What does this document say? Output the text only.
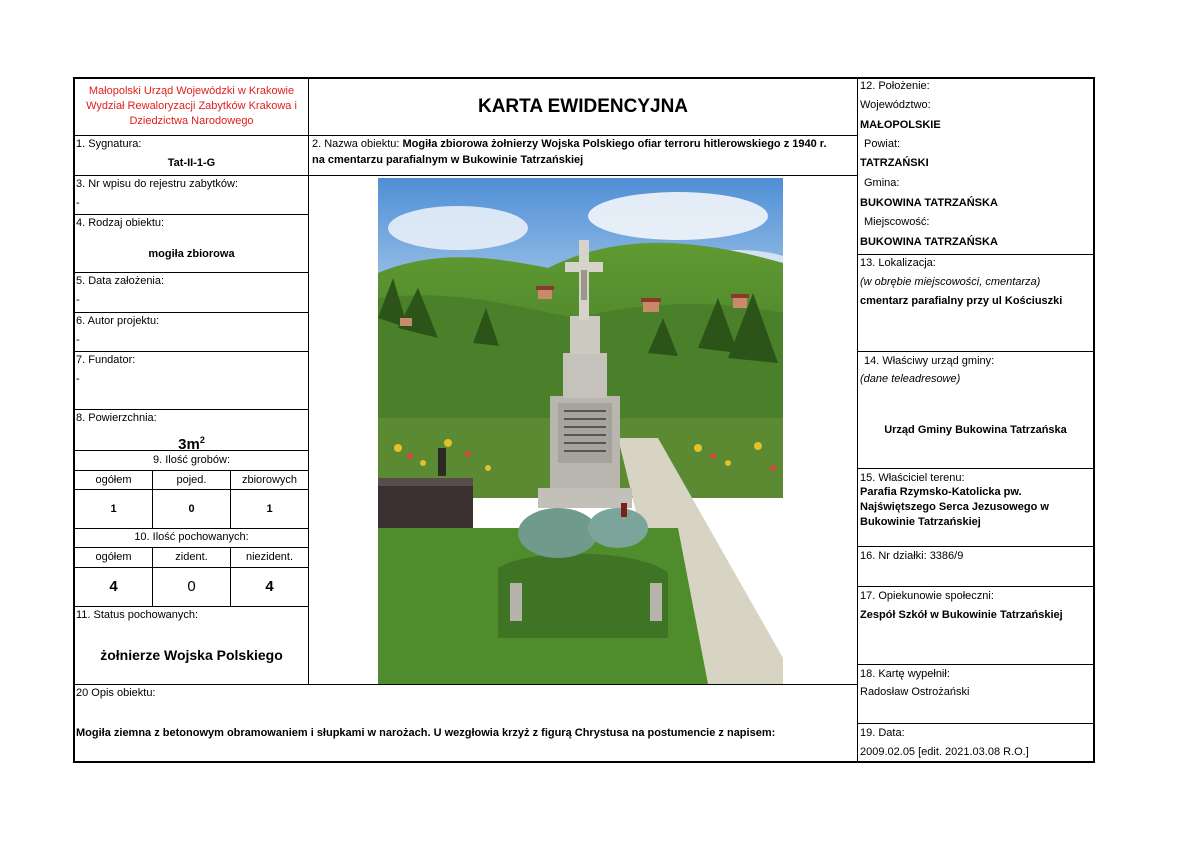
Małopolski Urząd Wojewódzki w Krakowie
Wydział Rewaloryzacji Zabytków Krakowa i
Dziedzictwa Narodowego
KARTA EWIDENCYJNA
1. Sygnatura:
Tat-II-1-G
3. Nr wpisu do rejestru zabytków:
-
4. Rodzaj obiektu:
mogiła zbiorowa
5. Data założenia:
-
6. Autor projektu:
-
7. Fundator:
-
8. Powierzchnia:
$3m^2$
9. Ilość grobów:
ogółem	pojed.	zbiorowych
1	0	1
10. Ilość pochowanych:
ogółem	zident.	niezident.
4	0	4
11. Status pochowanych:
żołnierze Wojska Polskiego
2. Nazwa obiektu: Mogiła zbiorowa żołnierzy Wojska Polskiego ofiar terroru hitlerowskiego z 1940 r.
na cmentarzu parafialnym w Bukowinie Tatrzańskiej
12. Położenie:
Województwo:
MAŁOPOLSKIE
Powiat:
TATRZAŃSKI
Gmina:
BUKOWINA TATRZAŃSKA
Miejscowość:
BUKOWINA TATRZAŃSKA
13. Lokalizacja:
(w obrębie miejscowości, cmentarza)
cmentarz parafialny przy ul Kościuszki
14. Właściwy urząd gminy:
(dane teleadresowe)
Urząd Gminy Bukowina Tatrzańska
15. Właściciel terenu:
Parafia Rzymsko-Katolicka pw.
Najświętszego Serca Jezusowego w
Bukowinie Tatrzańskiej
16. Nr działki: 3386/9
17. Opiekunowie społeczni:
Zespół Szkół w Bukowinie Tatrzańskiej
18. Kartę wypełnił:
Radosław Ostrożański
19. Data:
2009.02.05 [edit. 2021.03.08 R.O.]
20 Opis obiektu:
Mogiła ziemna z betonowym obramowaniem i słupkami w narożach. U wezgłowia krzyż z figurą Chrystusa na postumencie z napisem:
